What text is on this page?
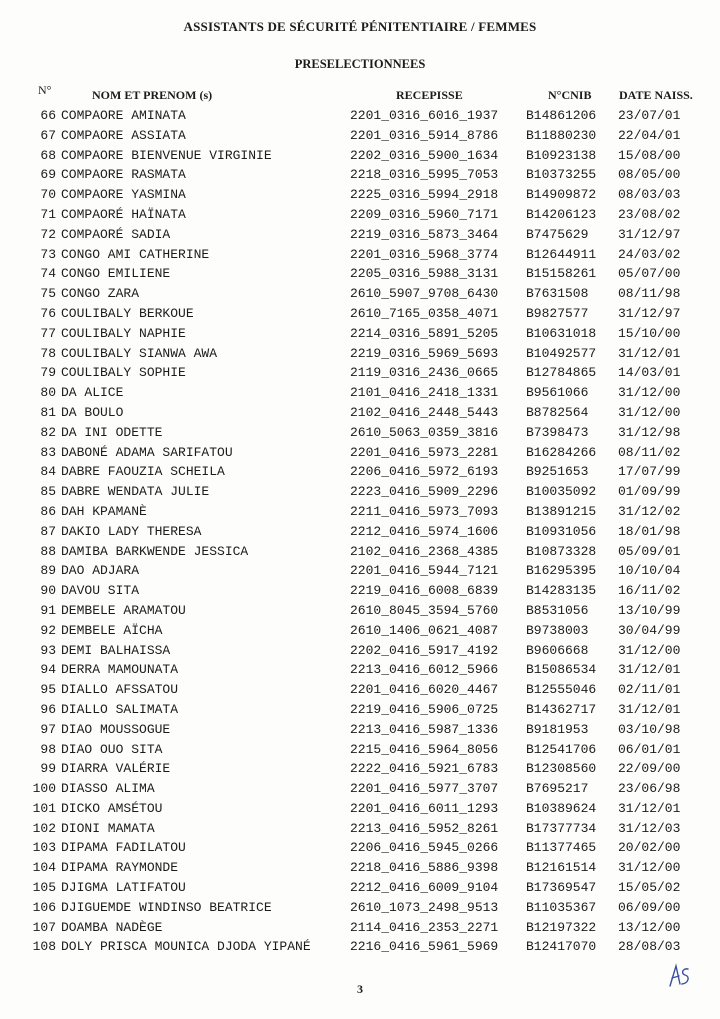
ASSISTANTS DE SÉCURITÉ PÉNITENTIAIRE / FEMMES
PRESELECTIONNEES
N°	NOM ET PRENOM (s)	RECEPISSE	N°CNIB DATE NAISS.
66 COMPAORE AMINATA	2201_0316_6016_1937 B14861206 23/07/01
67 COMPAORE ASSIATA	2201_0316_5914_8786 B11880230 22/04/01
68 COMPAORE BIENVENUE VIRGINIE	2202_0316_5900_1634 B10923138 15/08/00
69 COMPAORE RASMATA	2218_0316_5995_7053 B10373255 08/05/00
70 COMPAORE YASMINA	2225_0316_5994_2918 B14909872 08/03/03
71 COMPAORÉ HAÏNATA	2209_0316_5960_7171 B14206123 23/08/02
72 COMPAORÉ SADIA	2219_0316_5873_3464 B7475629 31/12/97
73 CONGO AMI CATHERINE	2201_0316_5968_3774 B12644911 24/03/02
74 CONGO EMILIENE	2205_0316_5988_3131 B15158261 05/07/00
75 CONGO ZARA	2610_5907_9708_6430 B7631508 08/11/98
76 COULIBALY BERKOUE	2610_7165_0358_4071 B9827577 31/12/97
77 COULIBALY NAPHIE	2214_0316_5891_5205 B10631018 15/10/00
78 COULIBALY SIANWA AWA	2219_0316_5969_5693 B10492577 31/12/01
79 COULIBALY SOPHIE	2119_0316_2436_0665 B12784865 14/03/01
80 DA ALICE	2101_0416_2418_1331 B9561066 31/12/00
81 DA BOULO	2102_0416_2448_5443 B8782564 31/12/00
82 DA INI ODETTE	2610_5063_0359_3816 B7398473 31/12/98
83 DABONÉ ADAMA SARIFATOU	2201_0416_5973_2281 B16284266 08/11/02
84 DABRE FAOUZIA SCHEILA	2206_0416_5972_6193 B9251653 17/07/99
85 DABRE WENDATA JULIE	2223_0416_5909_2296 B10035092 01/09/99
86 DAH KPAMANÈ	2211_0416_5973_7093 B13891215 31/12/02
87 DAKIO LADY THERESA	2212_0416_5974_1606 B10931056 18/01/98
88 DAMIBA BARKWENDE JESSICA	2102_0416_2368_4385 B10873328 05/09/01
89 DAO ADJARA	2201_0416_5944_7121 B16295395 10/10/04
90 DAVOU SITA	2219_0416_6008_6839 B14283135 16/11/02
91 DEMBELE ARAMATOU	2610_8045_3594_5760 B8531056 13/10/99
92 DEMBELE AÏCHA	2610_1406_0621_4087 B9738003 30/04/99
93 DEMI BALHAISSA	2202_0416_5917_4192 B9606668 31/12/00
94 DERRA MAMOUNATA	2213_0416_6012_5966 B15086534 31/12/01
95 DIALLO AFSSATOU	2201_0416_6020_4467 B12555046 02/11/01
96 DIALLO SALIMATA	2219_0416_5906_0725 B14362717 31/12/01
97 DIAO MOUSSOGUE	2213_0416_5987_1336 B9181953 03/10/98
98 DIAO OUO SITA	2215_0416_5964_8056 B12541706 06/01/01
99 DIARRA VALÉRIE	2222_0416_5921_6783 B12308560 22/09/00
100 DIASSO ALIMA	2201_0416_5977_3707 B7695217 23/06/98
101 DICKO AMSÉTOU	2201_0416_6011_1293 B10389624 31/12/01
102 DIONI MAMATA	2213_0416_5952_8261 B17377734 31/12/03
103 DIPAMA FADILATOU	2206_0416_5945_0266 B11377465 20/02/00
104 DIPAMA RAYMONDE	2218_0416_5886_9398 B12161514 31/12/00
105 DJIGMA LATIFATOU	2212_0416_6009_9104 B17369547 15/05/02
106 DJIGUEMDE WINDINSO BEATRICE	2610_1073_2498_9513 B11035367 06/09/00
107 DOAMBA NADÈGE	2114_0416_2353_2271 B12197322 13/12/00
108 DOLY PRISCA MOUNICA DJODA YIPANÉ	2216_0416_5961_5969 B12417070 28/08/03
3
